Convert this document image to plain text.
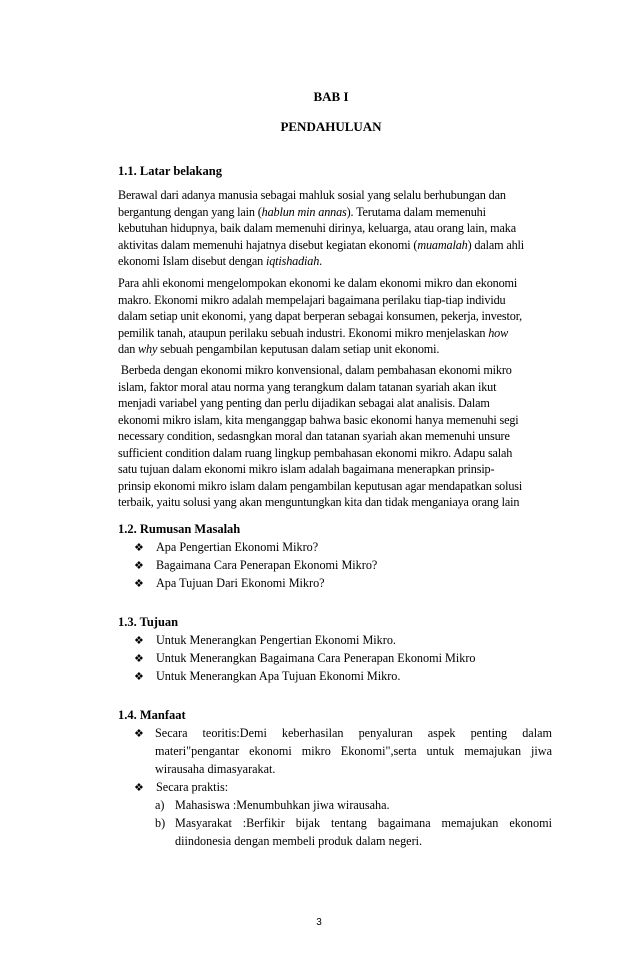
BAB I

PENDAHULUAN

1.1. Latar belakang

Berawal dari adanya manusia sebagai mahluk sosial yang selalu berhubungan dan
bergantung dengan yang lain (hablun min annas). Terutama dalam memenuhi
kebutuhan hidupnya, baik dalam memenuhi dirinya, keluarga, atau orang lain, maka
aktivitas dalam memenuhi hajatnya disebut kegiatan ekonomi (muamalah) dalam ahli
ekonomi Islam disebut dengan iqtishadiah.
Para ahli ekonomi mengelompokan ekonomi ke dalam ekonomi mikro dan ekonomi
makro. Ekonomi mikro adalah mempelajari bagaimana perilaku tiap-tiap individu
dalam setiap unit ekonomi, yang dapat berperan sebagai konsumen, pekerja, investor,
pemilik tanah, ataupun perilaku sebuah industri. Ekonomi mikro menjelaskan how
dan why sebuah pengambilan keputusan dalam setiap unit ekonomi.
Berbeda dengan ekonomi mikro konvensional, dalam pembahasan ekonomi mikro
islam, faktor moral atau norma yang terangkum dalam tatanan syariah akan ikut
menjadi variabel yang penting dan perlu dijadikan sebagai alat analisis. Dalam
ekonomi mikro islam, kita menganggap bahwa basic ekonomi hanya memenuhi segi
necessary condition, sedasngkan moral dan tatanan syariah akan memenuhi unsure
sufficient condition dalam ruang lingkup pembahasan ekonomi mikro. Adapu salah
satu tujuan dalam ekonomi mikro islam adalah bagaimana menerapkan prinsip-
prinsip ekonomi mikro islam dalam pengambilan keputusan agar mendapatkan solusi
terbaik, yaitu solusi yang akan menguntungkan kita dan tidak menganiaya orang lain

1.2. Rumusan Masalah

❖ Apa Pengertian Ekonomi Mikro?

❖ Bagaimana Cara Penerapan Ekonomi Mikro?

❖ Apa Tujuan Dari Ekonomi Mikro?

1.3. Tujuan

❖ Untuk Menerangkan Pengertian Ekonomi Mikro.

❖ Untuk Menerangkan Bagaimana Cara Penerapan Ekonomi Mikro

❖ Untuk Menerangkan Apa Tujuan Ekonomi Mikro.

1.4. Manfaat

❖ Secara teoritis:Demi keberhasilan penyaluran aspek penting dalam
materi"pengantar ekonomi mikro Ekonomi",serta untuk memajukan jiwa
wirausaha dimasyarakat.

❖ Secara praktis:

a) Mahasiswa :Menumbuhkan jiwa wirausaha.

b) Masyarakat :Berfikir bijak tentang bagaimana memajukan ekonomi
diindonesia dengan membeli produk dalam negeri.
3
